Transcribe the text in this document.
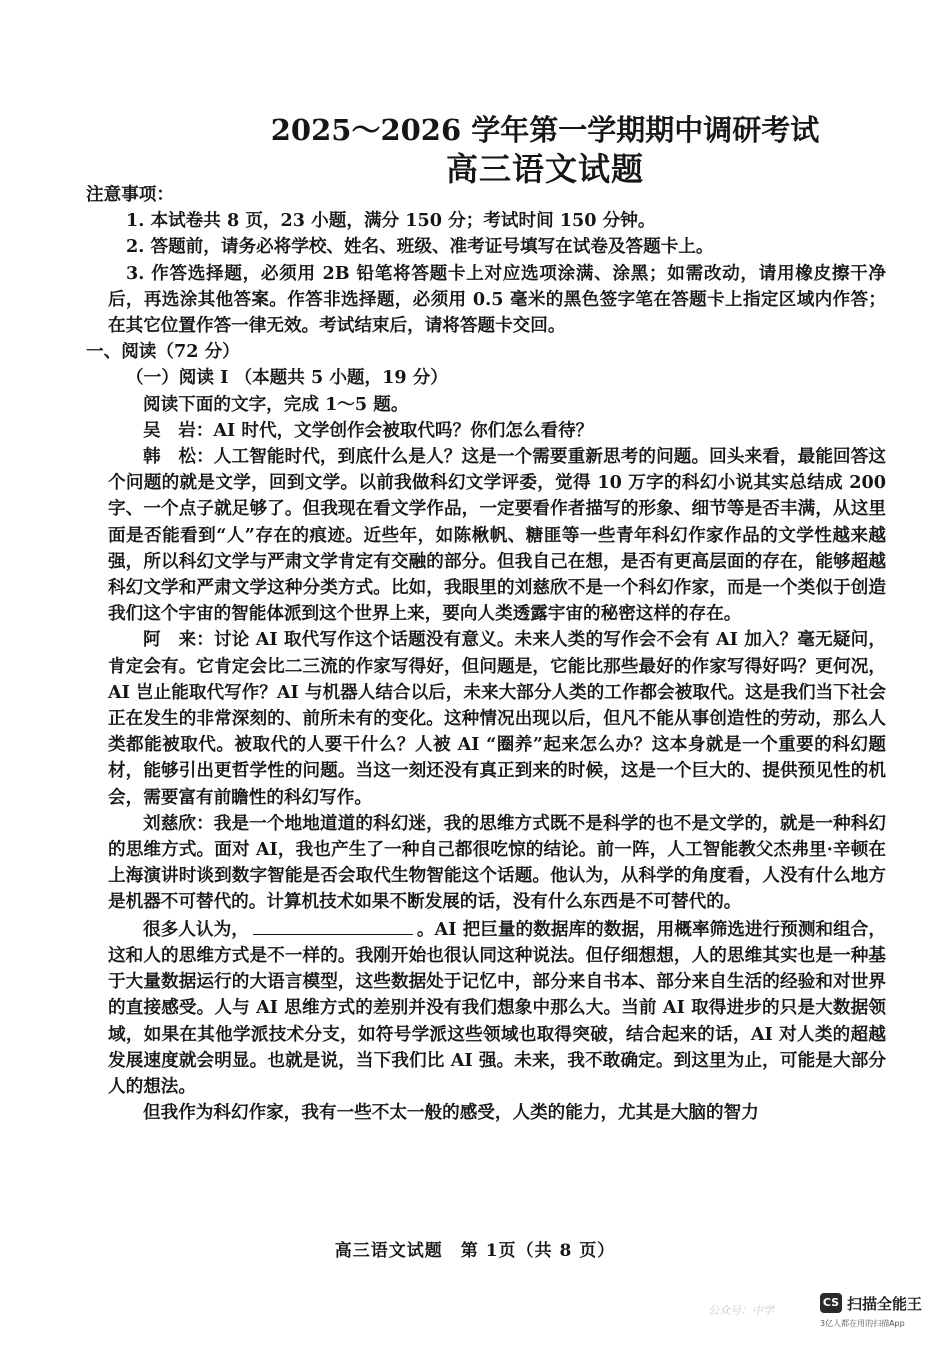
2025～2026 学年第一学期期中调研考试
高三语文试题

注意事项：

1. 本试卷共 8 页，23 小题，满分 150 分；考试时间 150 分钟。

2. 答题前，请务必将学校、姓名、班级、准考证号填写在试卷及答题卡上。

3. 作答选择题，必须用 2B 铅笔将答题卡上对应选项涂满、涂黑；如需改动，请用橡皮擦干净后，再选涂其他答案。作答非选择题，必须用 0.5 毫米的黑色签字笔在答题卡上指定区域内作答；在其它位置作答一律无效。考试结束后，请将答题卡交回。

一、阅读（72 分）

（一）阅读 I （本题共 5 小题，19 分）

阅读下面的文字，完成 1～5 题。

吴　岩：AI 时代，文学创作会被取代吗？你们怎么看待？

韩　松：人工智能时代，到底什么是人？这是一个需要重新思考的问题。回头来看，最能回答这个问题的就是文学，回到文学。以前我做科幻文学评委，觉得 10 万字的科幻小说其实总结成 200 字、一个点子就足够了。但我现在看文学作品，一定要看作者描写的形象、细节等是否丰满，从这里面是否能看到“人”存在的痕迹。近些年，如陈楸帆、糖匪等一些青年科幻作家作品的文学性越来越强，所以科幻文学与严肃文学肯定有交融的部分。但我自己在想，是否有更高层面的存在，能够超越科幻文学和严肃文学这种分类方式。比如，我眼里的刘慈欣不是一个科幻作家，而是一个类似于创造我们这个宇宙的智能体派到这个世界上来，要向人类透露宇宙的秘密这样的存在。

阿　来：讨论 AI 取代写作这个话题没有意义。未来人类的写作会不会有 AI 加入？毫无疑问，肯定会有。它肯定会比二三流的作家写得好，但问题是，它能比那些最好的作家写得好吗？更何况，AI 岂止能取代写作？AI 与机器人结合以后，未来大部分人类的工作都会被取代。这是我们当下社会正在发生的非常深刻的、前所未有的变化。这种情况出现以后，但凡不能从事创造性的劳动，那么人类都能被取代。被取代的人要干什么？人被 AI “圈养”起来怎么办？这本身就是一个重要的科幻题材，能够引出更哲学性的问题。当这一刻还没有真正到来的时候，这是一个巨大的、提供预见性的机会，需要富有前瞻性的科幻写作。

刘慈欣：我是一个地地道道的科幻迷，我的思维方式既不是科学的也不是文学的，就是一种科幻的思维方式。面对 AI，我也产生了一种自己都很吃惊的结论。前一阵，人工智能教父杰弗里·辛顿在上海演讲时谈到数字智能是否会取代生物智能这个话题。他认为，从科学的角度看，人没有什么地方是机器不可替代的。计算机技术如果不断发展的话，没有什么东西是不可替代的。

很多人认为，	。AI 把巨量的数据库的数据，用概率筛选进行预测和组合，这和人的思维方式是不一样的。我刚开始也很认同这种说法。但仔细想想，人的思维其实也是一种基于大量数据运行的大语言模型，这些数据处于记忆中，部分来自书本、部分来自生活的经验和对世界的直接感受。人与 AI 思维方式的差别并没有我们想象中那么大。当前 AI 取得进步的只是大数据领域，如果在其他学派技术分支，如符号学派这些领域也取得突破，结合起来的话，AI 对人类的超越发展速度就会明显。也就是说，当下我们比 AI 强。未来，我不敢确定。到这里为止，可能是大部分人的想法。

但我作为科幻作家，我有一些不太一般的感受，人类的能力，尤其是大脑的智力

高三语文试题　第 1页（共 8 页）
公众号：中学
CS 扫描全能王
3亿人都在用的扫描App
